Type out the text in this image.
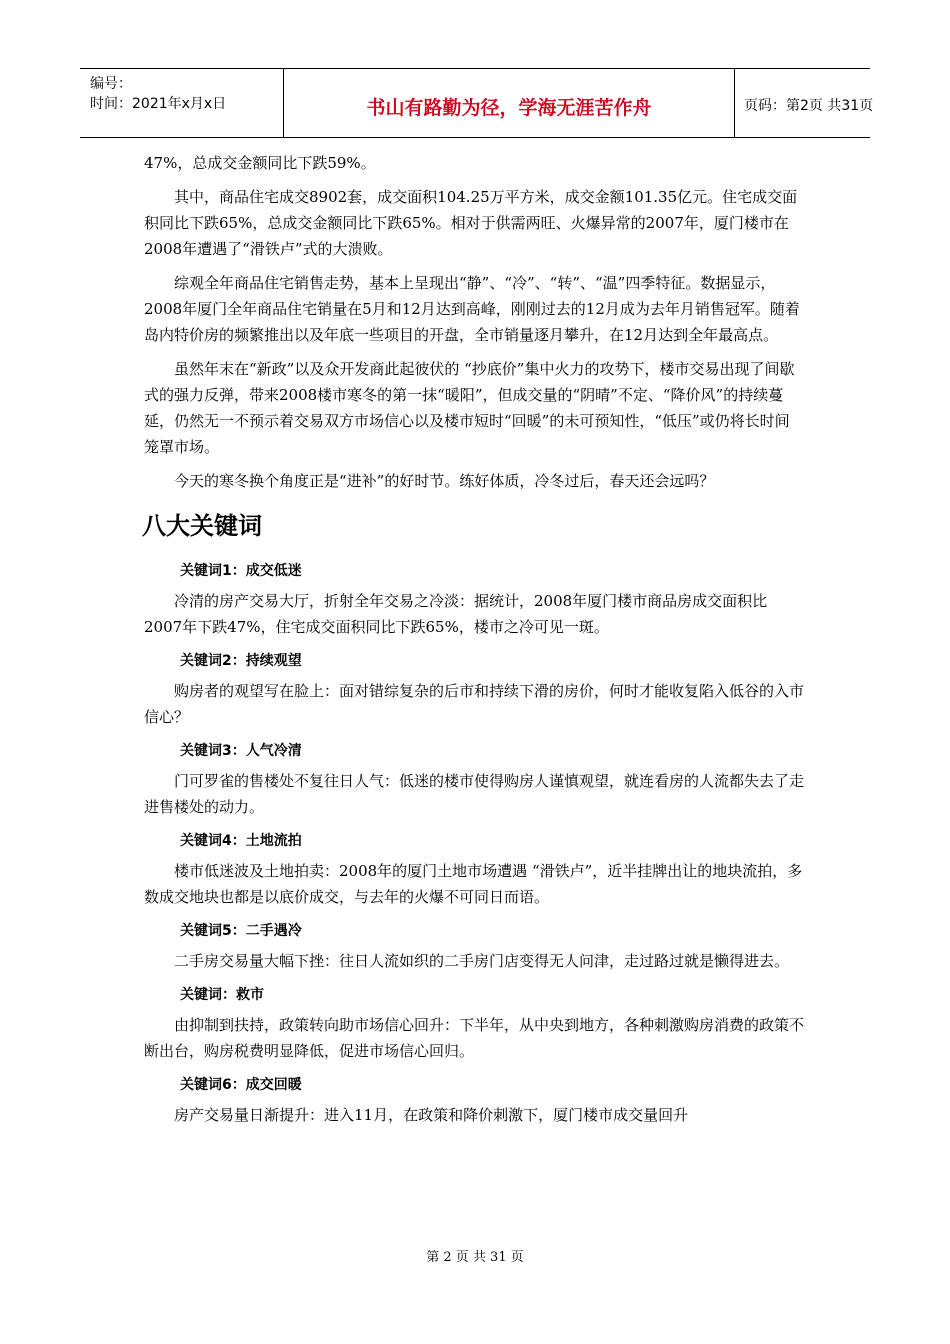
编号：
时间：2021年x月x日	书山有路勤为径，学海无涯苦作舟	页码：第2页 共31页

47%，总成交金额同比下跌59%。

其中，商品住宅成交8902套，成交面积104.25万平方米，成交金额101.35亿元。住宅成交面积同比下跌65%，总成交金额同比下跌65%。相对于供需两旺、火爆异常的2007年，厦门楼市在2008年遭遇了“滑铁卢”式的大溃败。

综观全年商品住宅销售走势，基本上呈现出“静”、“冷”、“转”、“温”四季特征。数据显示，2008年厦门全年商品住宅销量在5月和12月达到高峰，刚刚过去的12月成为去年月销售冠军。随着岛内特价房的频繁推出以及年底一些项目的开盘，全市销量逐月攀升，在12月达到全年最高点。

虽然年末在“新政”以及众开发商此起彼伏的 “抄底价”集中火力的攻势下，楼市交易出现了间歇式的强力反弹，带来2008楼市寒冬的第一抹“暖阳”，但成交量的“阴晴”不定、“降价风”的持续蔓延，仍然无一不预示着交易双方市场信心以及楼市短时“回暖”的未可预知性，“低压”或仍将长时间笼罩市场。

今天的寒冬换个角度正是“进补”的好时节。练好体质，冷冬过后，春天还会远吗？

八大关键词
关键词1：成交低迷

冷清的房产交易大厅，折射全年交易之冷淡：据统计，2008年厦门楼市商品房成交面积比2007年下跌47%，住宅成交面积同比下跌65%，楼市之冷可见一斑。

关键词2：持续观望

购房者的观望写在脸上：面对错综复杂的后市和持续下滑的房价，何时才能收复陷入低谷的入市信心？

关键词3：人气冷清

门可罗雀的售楼处不复往日人气：低迷的楼市使得购房人谨慎观望，就连看房的人流都失去了走进售楼处的动力。

关键词4：土地流拍

楼市低迷波及土地拍卖：2008年的厦门土地市场遭遇 “滑铁卢”，近半挂牌出让的地块流拍，多数成交地块也都是以底价成交，与去年的火爆不可同日而语。

关键词5：二手遇冷

二手房交易量大幅下挫：往日人流如织的二手房门店变得无人问津，走过路过就是懒得进去。

关键词：救市

由抑制到扶持，政策转向助市场信心回升：下半年，从中央到地方，各种刺激购房消费的政策不断出台，购房税费明显降低，促进市场信心回归。

关键词6：成交回暖

房产交易量日渐提升：进入11月，在政策和降价刺激下，厦门楼市成交量回升

第 2 页 共 31 页
